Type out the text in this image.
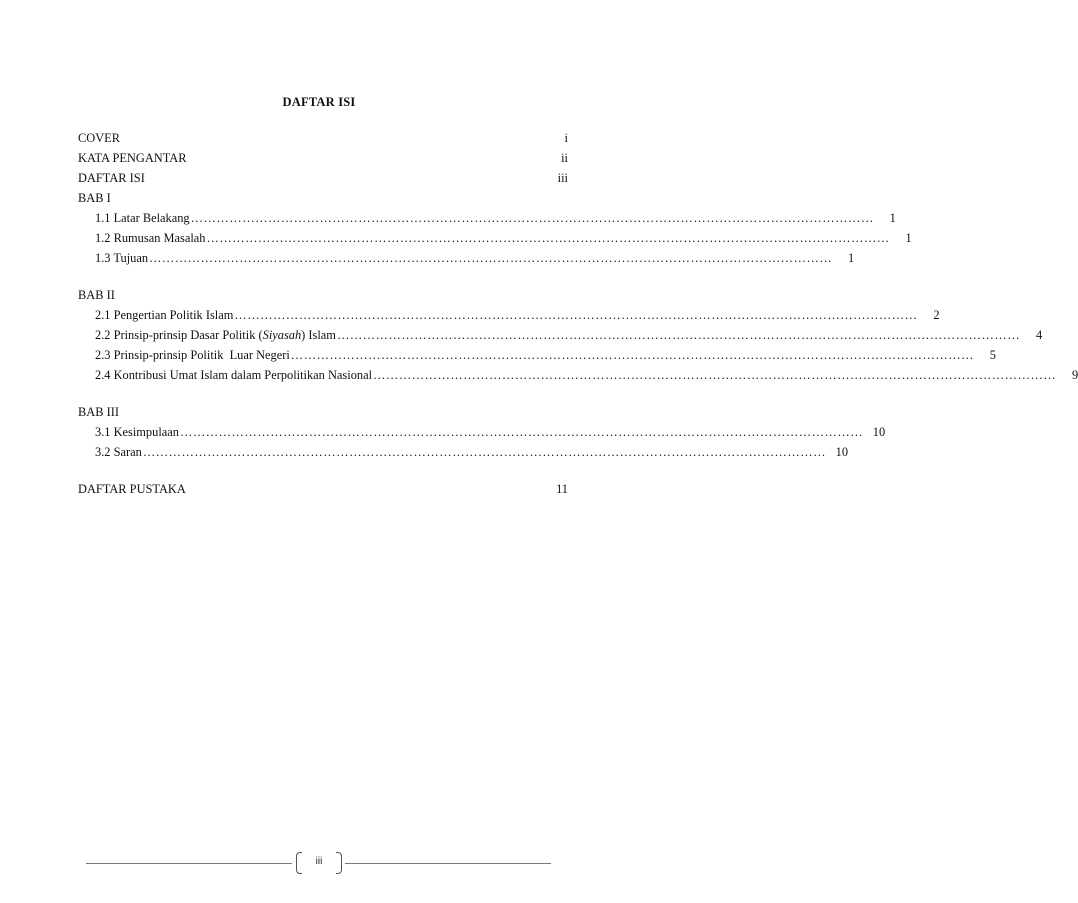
DAFTAR ISI
COVER	i
KATA PENGANTAR	ii
DAFTAR ISI	iii
BAB I
1.1 Latar Belakang ……………………………………………………………………………………………………………………………………………	1
1.2 Rumusan Masalah ……………………………………………………………………………………………………………………………………………	1
1.3 Tujuan ……………………………………………………………………………………………………………………………………………	1
BAB II
2.1 Pengertian Politik Islam ……………………………………………………………………………………………………………………………………………	2
2.2 Prinsip-prinsip Dasar Politik (Siyasah) Islam ……………………………………………………………………………………………………………………………………………	4
2.3 Prinsip-prinsip Politik  Luar Negeri ……………………………………………………………………………………………………………………………………………	5
2.4 Kontribusi Umat Islam dalam Perpolitikan Nasional ……………………………………………………………………………………………………………………………………………	9
BAB III
3.1 Kesimpulaan …………………………………………………………………………………………………………………………………………… 10
3.2 Saran …………………………………………………………………………………………………………………………………………… 10
DAFTAR PUSTAKA	11
iii
